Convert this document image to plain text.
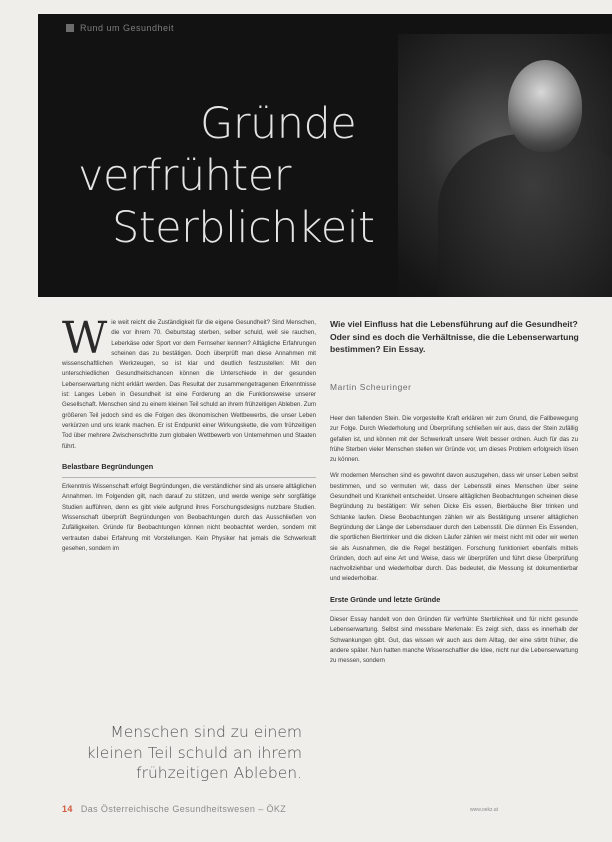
Rund um Gesundheit
Gründe
verfrühter
Sterblichkeit
Wie viel Einfluss hat die Lebensführung auf die Gesundheit? Oder sind es doch die Verhältnisse, die die Lebenserwartung bestimmen? Ein Essay.
Martin Scheuringer

Wie weit reicht die Zuständigkeit für die eigene Gesundheit? Sind Menschen, die vor ihrem 70. Geburtstag sterben, selber schuld, weil sie rauchen, Leberkäse oder Sport vor dem Fernseher kennen? Alltägliche Erfahrungen scheinen das zu bestätigen. Doch überprüft man diese Annahmen mit wissenschaftlichen Werkzeugen, so ist klar und deutlich festzustellen: Mit den unterschiedlichen Gesundheitschancen können die Unterschiede in der gesunden Lebenserwartung nicht erklärt werden. Das Resultat der zusammengetragenen Erkenntnisse ist: Langes Leben in Gesundheit ist eine Forderung an die Funktionsweise unserer Gesellschaft. Menschen sind zu einem kleinen Teil schuld an ihrem frühzeitigen Ableben. Zum größeren Teil jedoch sind es die Folgen des ökonomischen Wettbewerbs, die unser Leben verkürzen und uns krank machen. Er ist Endpunkt einer Wirkungskette, die vom frühzeitigen Tod über mehrere Zwischenschritte zum globalen Wettbewerb von Unternehmen und Staaten führt.

Belastbare Begründungen

Erkenntnis Wissenschaft erfolgt Begründungen, die verständlicher sind als unsere alltäglichen Annahmen. Im Folgenden gilt, nach darauf zu stützen, und werde wenige sehr sorgfältige Studien aufführen, denn es gibt viele aufgrund ihres Forschungsdesigns nutzbare Studien. Wissenschaft überprüft Begründungen von Beobachtungen durch das Ausschließen von Zufälligkeiten. Gründe für Beobachtungen können nicht beobachtet werden, sondern mit vertrauten dabei Erfahrung mit Vorstellungen. Kein Physiker hat jemals die Schwerkraft gesehen, sondern im

Heer den fallenden Stein. Die vorgestellte Kraft erklären wir zum Grund, die Fallbewegung zur Folge. Durch Wiederholung und Überprüfung schließen wir aus, dass der Stein zufällig gefallen ist, und können mit der Schwerkraft unsere Welt besser ordnen. Auch für das zu frühe Sterben vieler Menschen stellen wir Gründe vor, um dieses Problem erfolgreich lösen zu können.

Wir modernen Menschen sind es gewohnt davon auszugehen, dass wir unser Leben selbst bestimmen, und so vermuten wir, dass der Lebensstil eines Menschen über seine Gesundheit und Krankheit entscheidet. Unsere alltäglichen Beobachtungen scheinen diese Begründung zu bestätigen: Wir sehen Dicke Eis essen, Bierbäuche Bier trinken und Schlanke laufen. Diese Beobachtungen zählen wir als Bestätigung unserer alltäglichen Begründung der Länge der Lebensdauer durch den Lebensstil. Die dünnen Eis Essenden, die sportlichen Biertrinker und die dicken Läufer zählen wir meist nicht mit oder wir werten sie als Ausnahmen, die die Regel bestätigen. Forschung funktioniert ebenfalls mittels Gründen, doch auf eine Art und Weise, dass wir überprüfen und führt diese Überprüfung nachvollziehbar und wiederholbar durch. Das bedeutet, die Messung ist dokumentierbar und wiederholbar.

Erste Gründe und letzte Gründe

Dieser Essay handelt von den Gründen für verfrühte Sterblichkeit und für nicht gesunde Lebenserwartung. Selbst sind messbare Merkmale: Es zeigt sich, dass es innerhalb der Schwankungen gibt. Gut, das wissen wir auch aus dem Alltag, der eine stirbt früher, die andere später. Nun hatten manche Wissenschaftler die Idee, nicht nur die Lebenserwartung zu messen, sondern

Menschen sind zu einem kleinen Teil schuld an ihrem frühzeitigen Ableben.
14 Das Österreichische Gesundheitswesen – ÖKZ	www.oekz.at
